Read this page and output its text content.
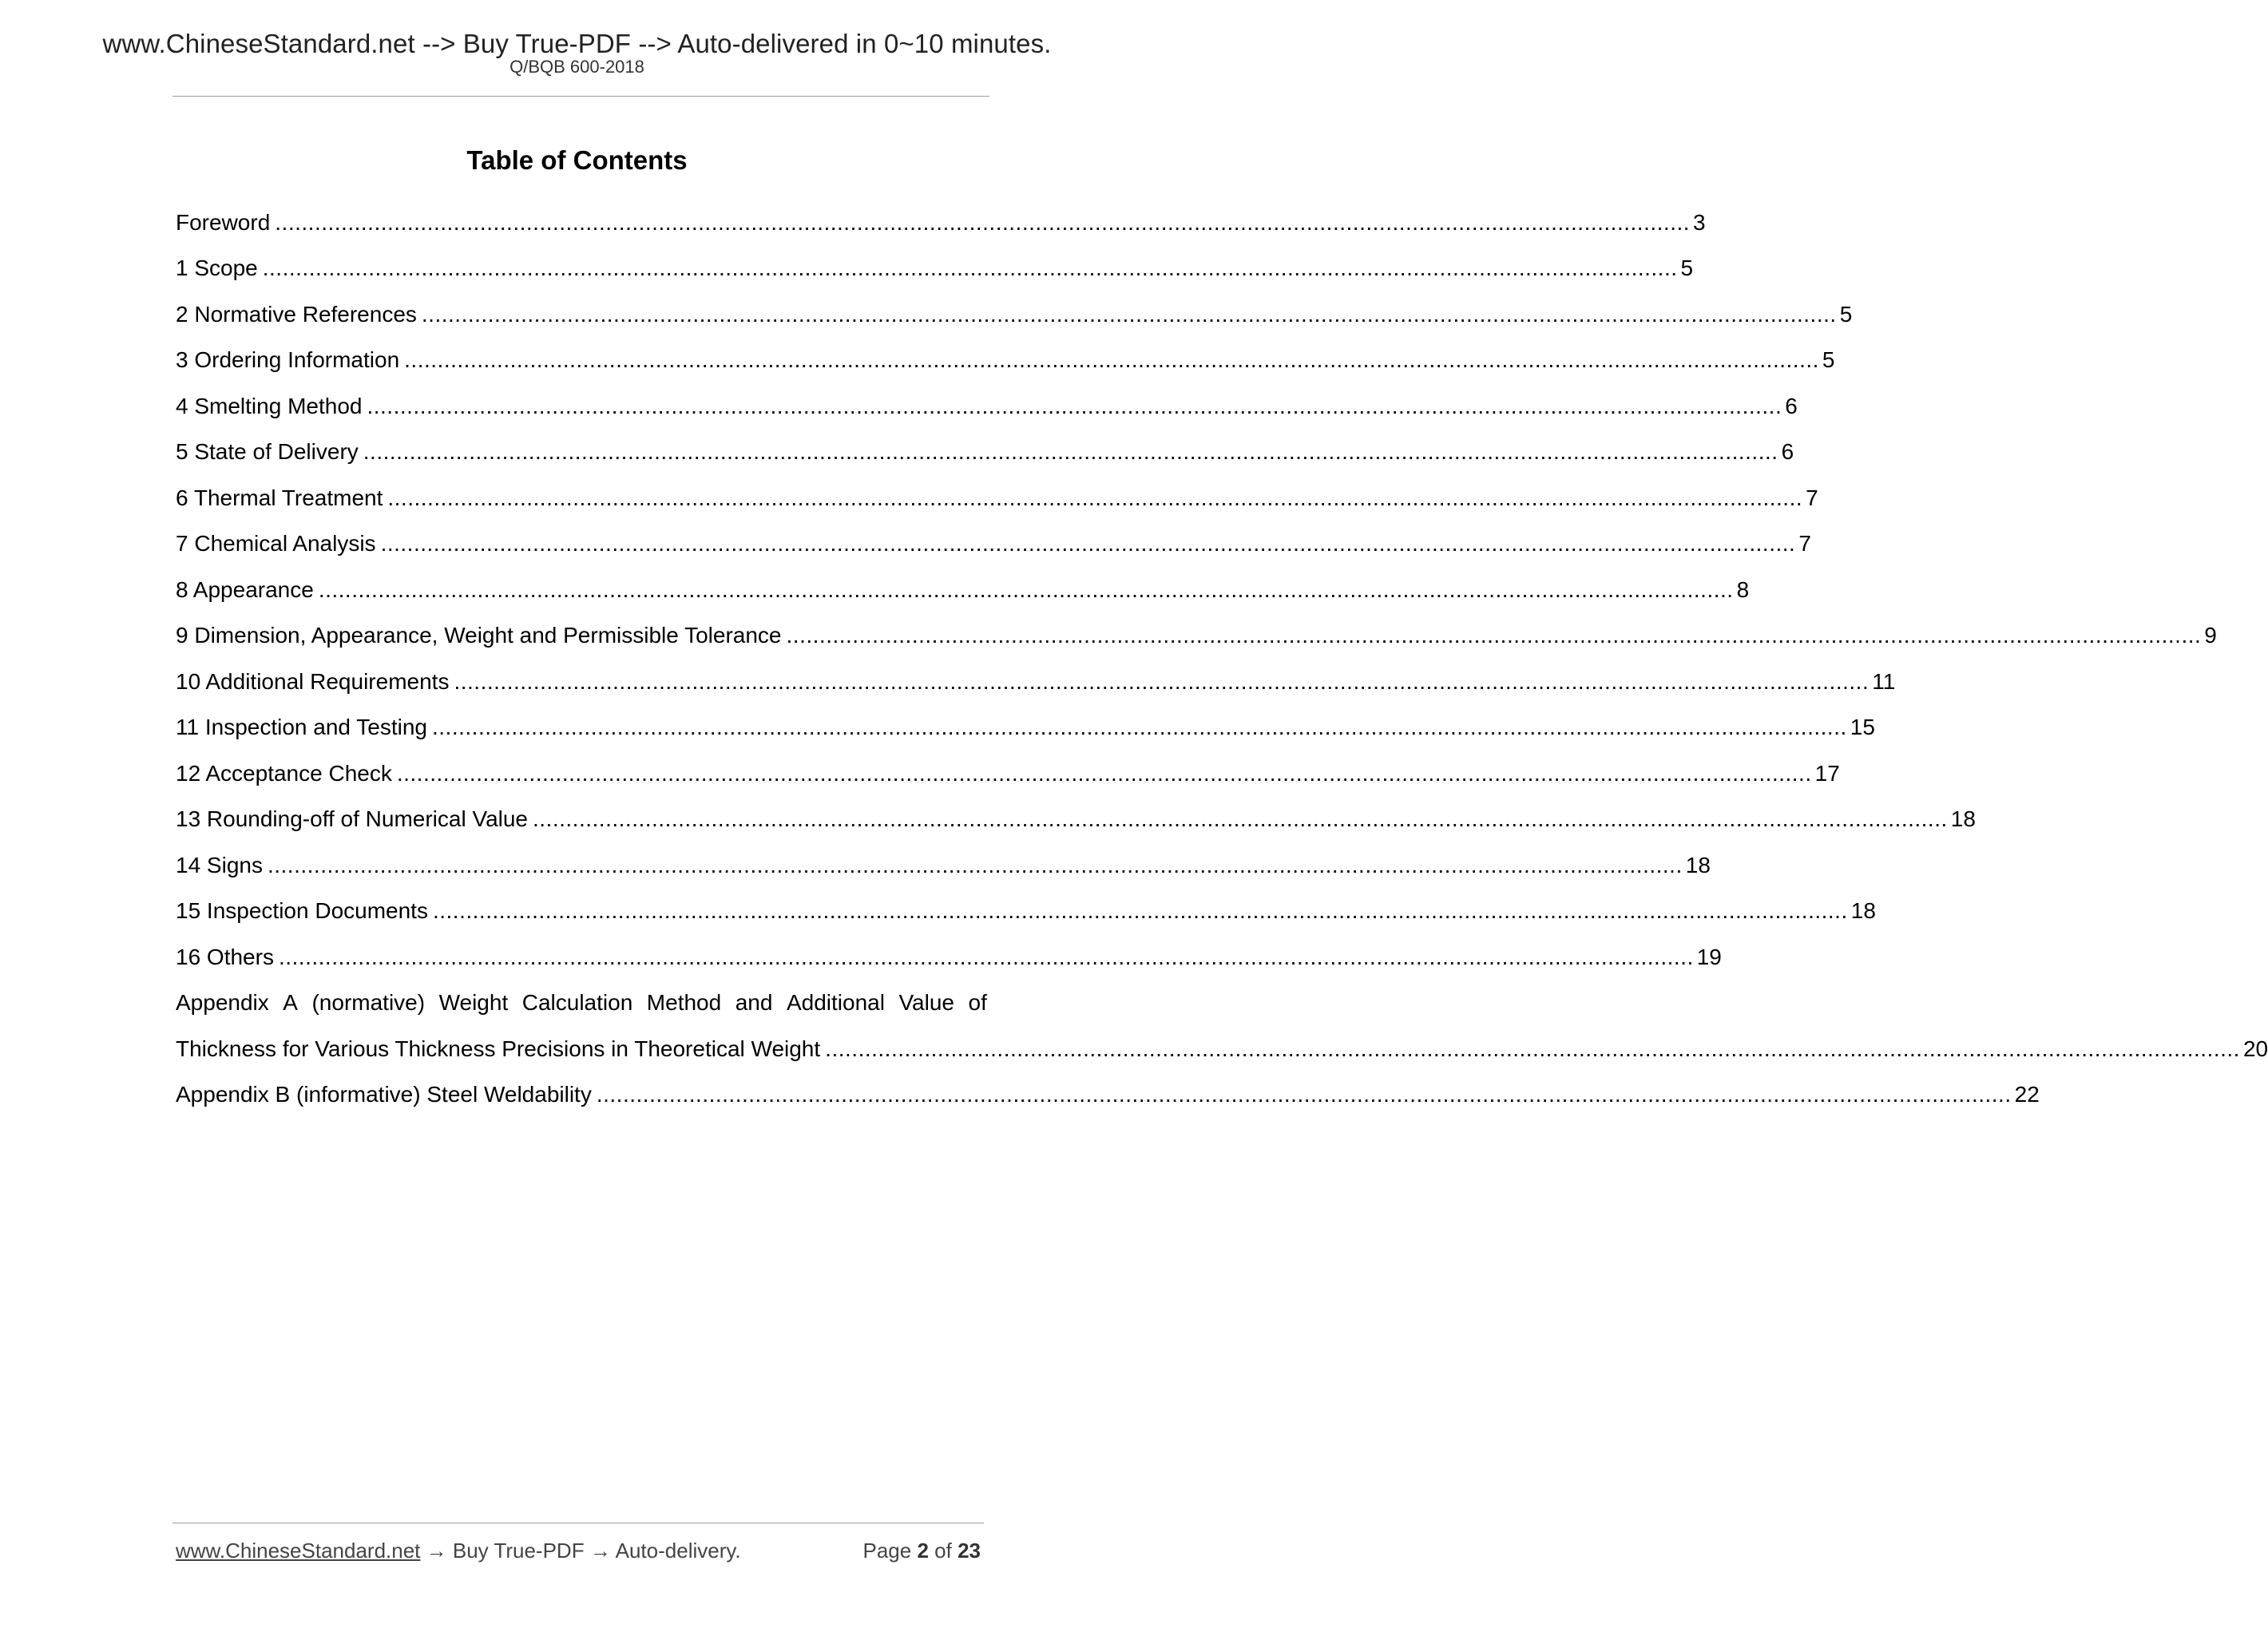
www.ChineseStandard.net --> Buy True-PDF --> Auto-delivered in 0~10 minutes.
Q/BQB 600-2018
Table of Contents
Foreword ...................................................................................................................................................................................................................... 3
1 Scope ...................................................................................................................................................................................................................... 5
2 Normative References ...................................................................................................................................................................................................................... 5
3 Ordering Information ...................................................................................................................................................................................................................... 5
4 Smelting Method ...................................................................................................................................................................................................................... 6
5 State of Delivery ...................................................................................................................................................................................................................... 6
6 Thermal Treatment ...................................................................................................................................................................................................................... 7
7 Chemical Analysis ...................................................................................................................................................................................................................... 7
8 Appearance ...................................................................................................................................................................................................................... 8
9 Dimension, Appearance, Weight and Permissible Tolerance ...................................................................................................................................................................................................................... 9
10 Additional Requirements ...................................................................................................................................................................................................................... 11
11 Inspection and Testing ...................................................................................................................................................................................................................... 15
12 Acceptance Check ...................................................................................................................................................................................................................... 17
13 Rounding-off of Numerical Value ...................................................................................................................................................................................................................... 18
14 Signs ...................................................................................................................................................................................................................... 18
15 Inspection Documents ...................................................................................................................................................................................................................... 18
16 Others ...................................................................................................................................................................................................................... 19
Appendix A (normative) Weight Calculation Method and Additional Value of
Thickness for Various Thickness Precisions in Theoretical Weight ...................................................................................................................................................................................................................... 20
Appendix B (informative) Steel Weldability ...................................................................................................................................................................................................................... 22
www.ChineseStandard.net → Buy True-PDF → Auto-delivery.	Page 2 of 23
